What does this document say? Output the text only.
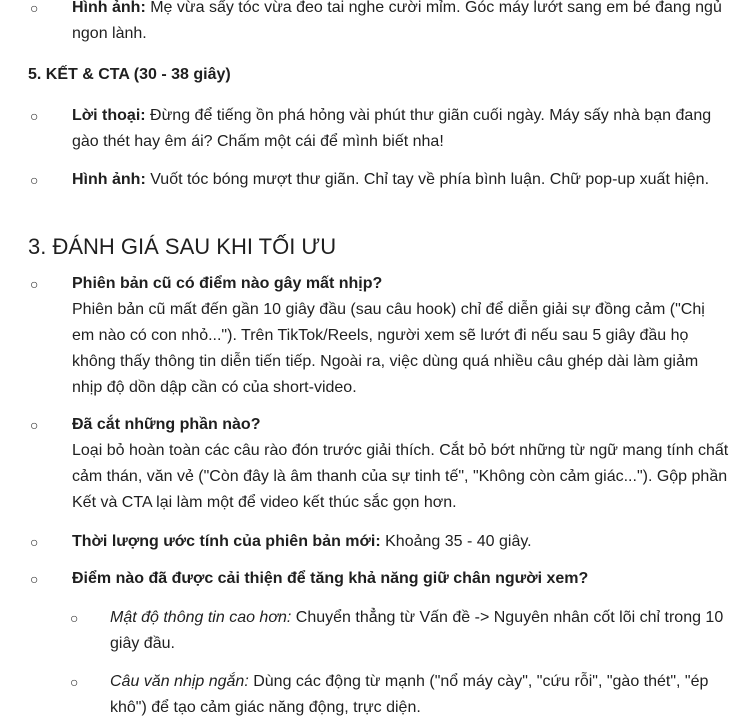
○ Hình ảnh: Mẹ vừa sấy tóc vừa đeo tai nghe cười mỉm. Góc máy lướt sang em bé đang ngủ ngon lành.
5. KẾT & CTA (30 - 38 giây)
○ Lời thoại: Đừng để tiếng ồn phá hỏng vài phút thư giãn cuối ngày. Máy sấy nhà bạn đang gào thét hay êm ái? Chấm một cái để mình biết nha!
○ Hình ảnh: Vuốt tóc bóng mượt thư giãn. Chỉ tay về phía bình luận. Chữ pop-up xuất hiện.
3. ĐÁNH GIÁ SAU KHI TỐI ƯU
○ Phiên bản cũ có điểm nào gây mất nhịp?
Phiên bản cũ mất đến gần 10 giây đầu (sau câu hook) chỉ để diễn giải sự đồng cảm ("Chị em nào có con nhỏ..."). Trên TikTok/Reels, người xem sẽ lướt đi nếu sau 5 giây đầu họ không thấy thông tin diễn tiến tiếp. Ngoài ra, việc dùng quá nhiều câu ghép dài làm giảm nhịp độ dồn dập cần có của short-video.
○ Đã cắt những phần nào?
Loại bỏ hoàn toàn các câu rào đón trước giải thích. Cắt bỏ bớt những từ ngữ mang tính chất cảm thán, văn vẻ ("Còn đây là âm thanh của sự tinh tế", "Không còn cảm giác..."). Gộp phần Kết và CTA lại làm một để video kết thúc sắc gọn hơn.
○ Thời lượng ước tính của phiên bản mới: Khoảng 35 - 40 giây.
○ Điểm nào đã được cải thiện để tăng khả năng giữ chân người xem?
○ Mật độ thông tin cao hơn: Chuyển thẳng từ Vấn đề -> Nguyên nhân cốt lõi chỉ trong 10 giây đầu.
○ Câu văn nhịp ngắn: Dùng các động từ mạnh ("nổ máy cày", "cứu rỗi", "gào thét", "ép khô") để tạo cảm giác năng động, trực diện.
